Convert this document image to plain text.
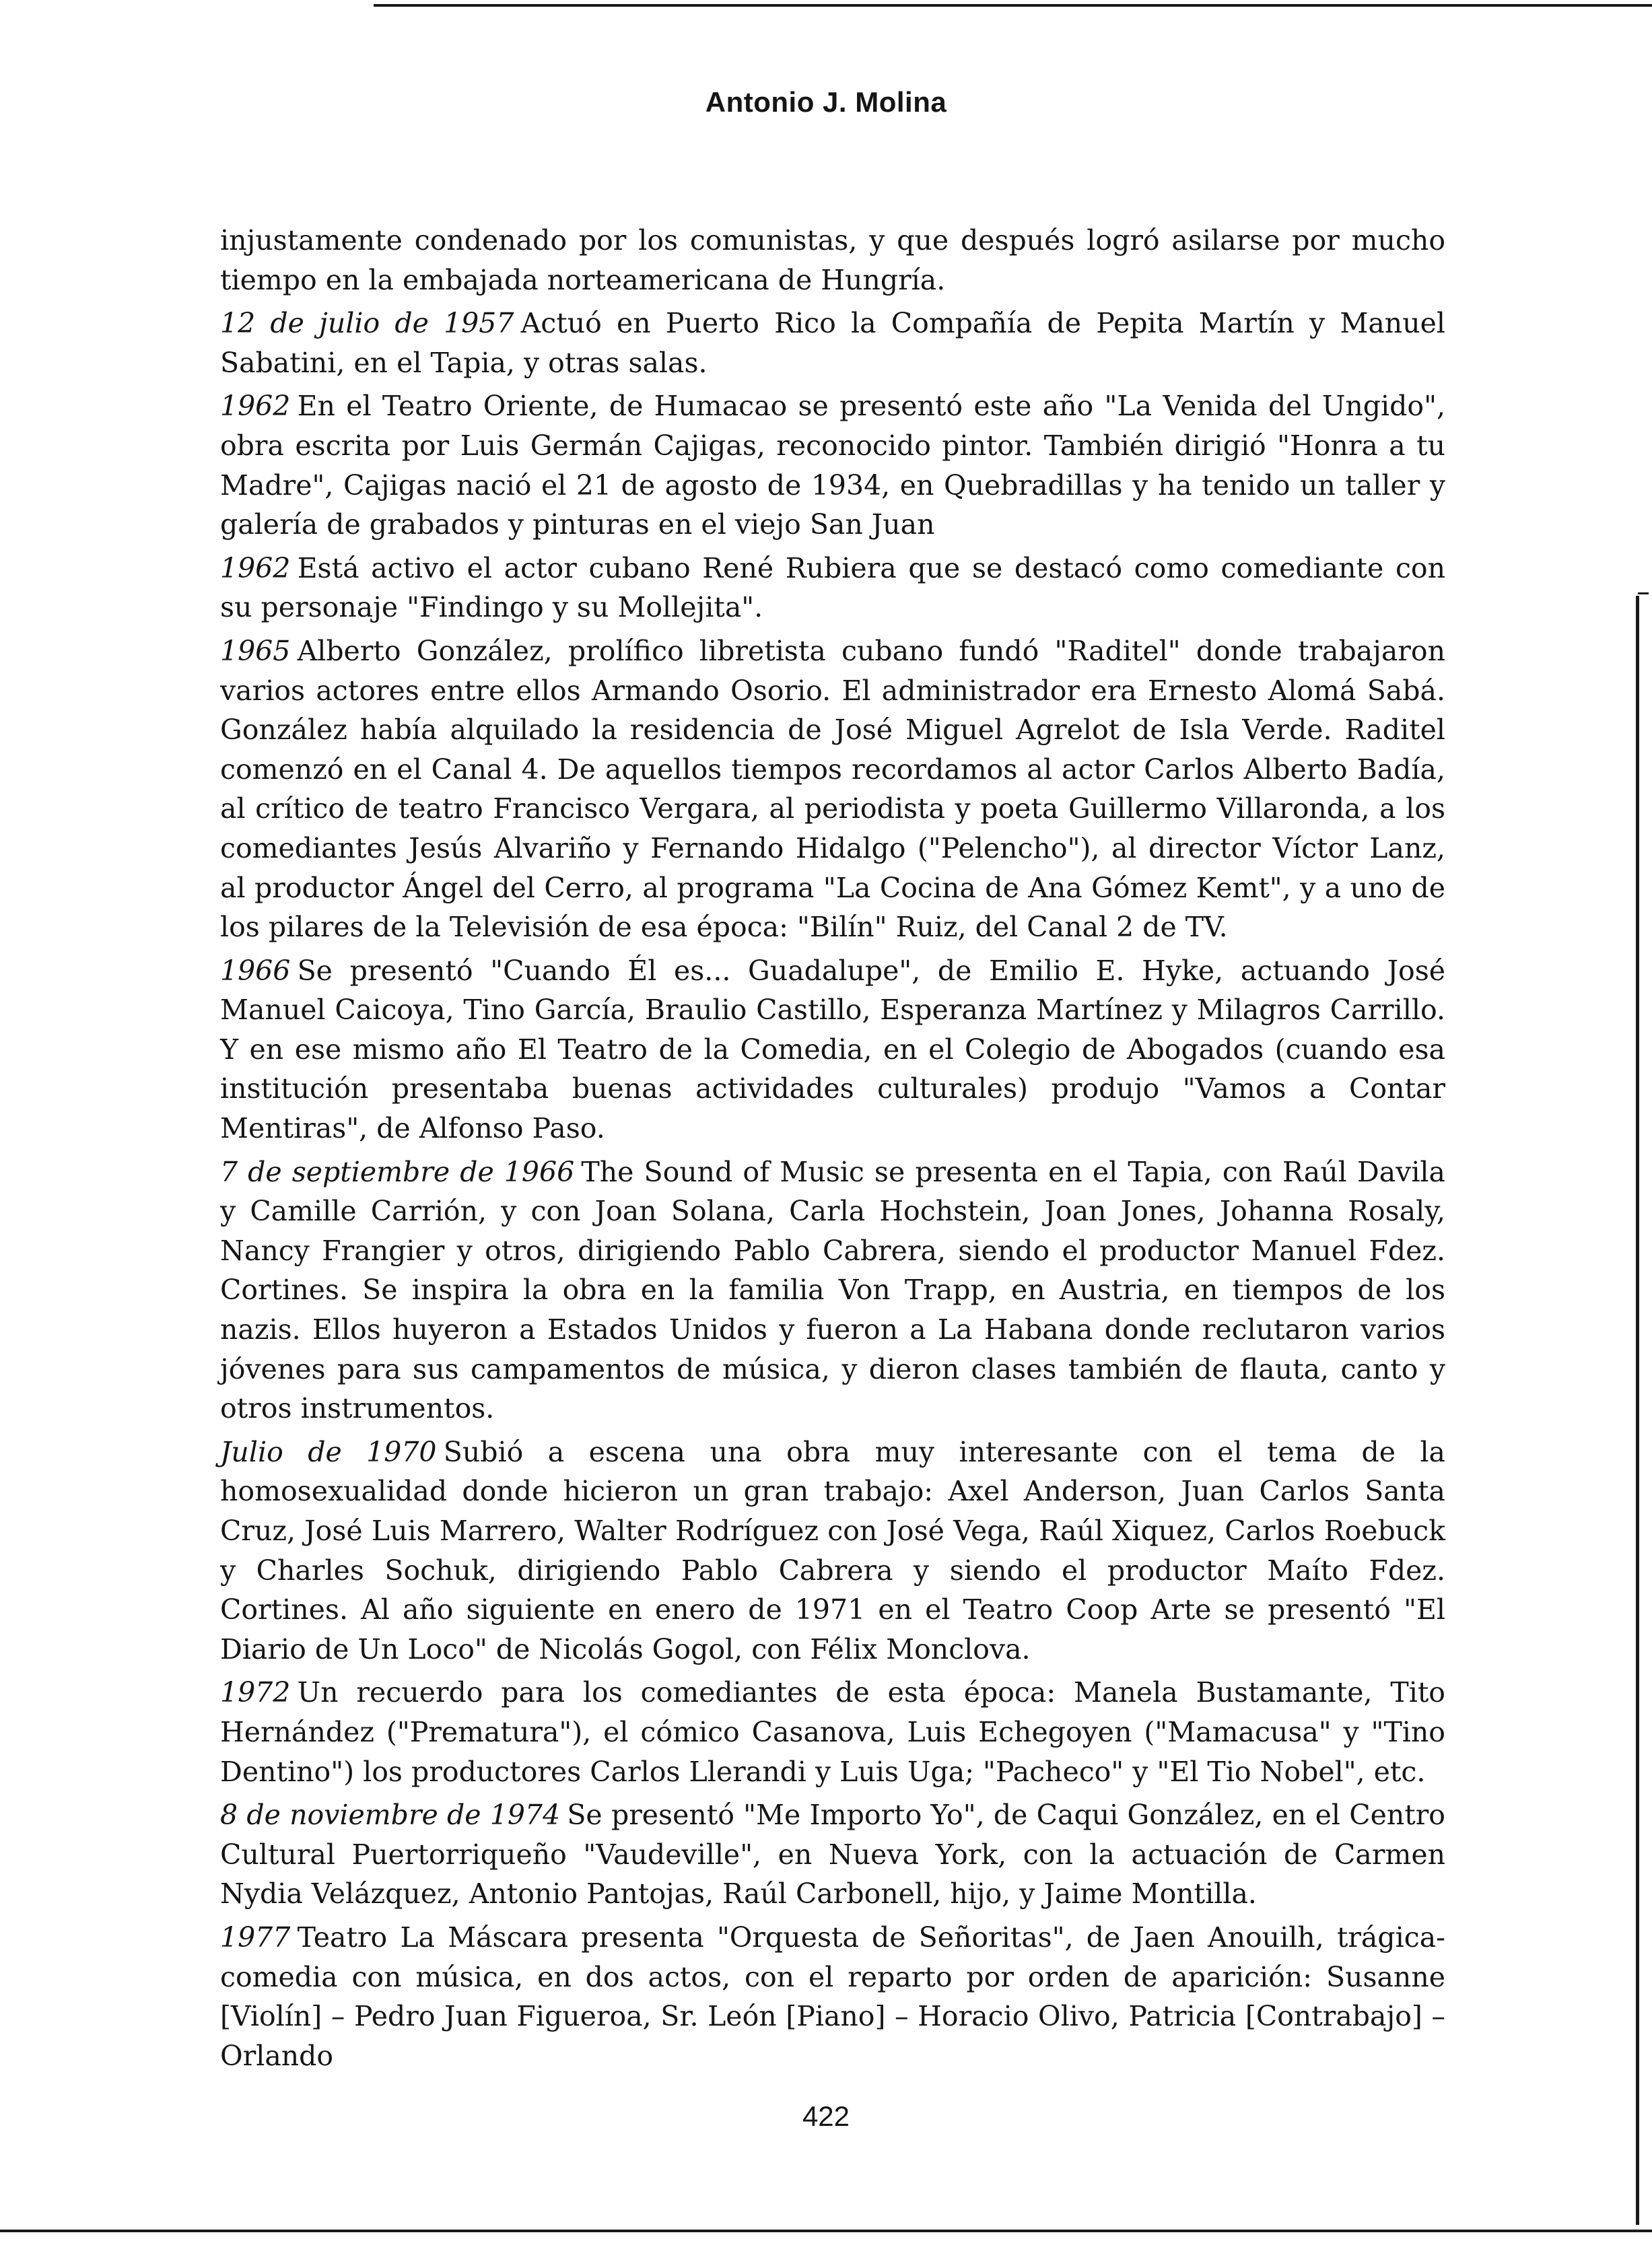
Antonio J. Molina

injustamente condenado por los comunistas, y que después logró asilarse por mucho tiempo en la embajada norteamericana de Hungría.

12 de julio de 1957 Actuó en Puerto Rico la Compañía de Pepita Martín y Manuel Sabatini, en el Tapia, y otras salas.

1962 En el Teatro Oriente, de Humacao se presentó este año "La Venida del Ungido", obra escrita por Luis Germán Cajigas, reconocido pintor. También dirigió "Honra a tu Madre", Cajigas nació el 21 de agosto de 1934, en Quebradillas y ha tenido un taller y galería de grabados y pinturas en el viejo San Juan

1962 Está activo el actor cubano René Rubiera que se destacó como comediante con su personaje "Findingo y su Mollejita".

1965 Alberto González, prolífico libretista cubano fundó "Raditel" donde trabajaron varios actores entre ellos Armando Osorio. El administrador era Ernesto Alomá Sabá. González había alquilado la residencia de José Miguel Agrelot de Isla Verde. Raditel comenzó en el Canal 4. De aquellos tiempos recordamos al actor Carlos Alberto Badía, al crítico de teatro Francisco Vergara, al periodista y poeta Guillermo Villaronda, a los comediantes Jesús Alvariño y Fernando Hidalgo ("Pelencho"), al director Víctor Lanz, al productor Ángel del Cerro, al programa "La Cocina de Ana Gómez Kemt", y a uno de los pilares de la Televisión de esa época: "Bilín" Ruiz, del Canal 2 de TV.

1966 Se presentó "Cuando Él es... Guadalupe", de Emilio E. Hyke, actuando José Manuel Caicoya, Tino García, Braulio Castillo, Esperanza Martínez y Milagros Carrillo. Y en ese mismo año El Teatro de la Comedia, en el Colegio de Abogados (cuando esa institución presentaba buenas actividades culturales) produjo "Vamos a Contar Mentiras", de Alfonso Paso.

7 de septiembre de 1966 The Sound of Music se presenta en el Tapia, con Raúl Davila y Camille Carrión, y con Joan Solana, Carla Hochstein, Joan Jones, Johanna Rosaly, Nancy Frangier y otros, dirigiendo Pablo Cabrera, siendo el productor Manuel Fdez. Cortines. Se inspira la obra en la familia Von Trapp, en Austria, en tiempos de los nazis. Ellos huyeron a Estados Unidos y fueron a La Habana donde reclutaron varios jóvenes para sus campamentos de música, y dieron clases también de flauta, canto y otros instrumentos.

Julio de 1970 Subió a escena una obra muy interesante con el tema de la homosexualidad donde hicieron un gran trabajo: Axel Anderson, Juan Carlos Santa Cruz, José Luis Marrero, Walter Rodríguez con José Vega, Raúl Xiquez, Carlos Roebuck y Charles Sochuk, dirigiendo Pablo Cabrera y siendo el productor Maíto Fdez. Cortines. Al año siguiente en enero de 1971 en el Teatro Coop Arte se presentó "El Diario de Un Loco" de Nicolás Gogol, con Félix Monclova.

1972 Un recuerdo para los comediantes de esta época: Manela Bustamante, Tito Hernández ("Prematura"), el cómico Casanova, Luis Echegoyen ("Mamacusa" y "Tino Dentino") los productores Carlos Llerandi y Luis Uga; "Pacheco" y "El Tio Nobel", etc.

8 de noviembre de 1974 Se presentó "Me Importo Yo", de Caqui González, en el Centro Cultural Puertorriqueño "Vaudeville", en Nueva York, con la actuación de Carmen Nydia Velázquez, Antonio Pantojas, Raúl Carbonell, hijo, y Jaime Montilla.

1977 Teatro La Máscara presenta "Orquesta de Señoritas", de Jaen Anouilh, trágica-comedia con música, en dos actos, con el reparto por orden de aparición: Susanne [Violín] – Pedro Juan Figueroa, Sr. León [Piano] – Horacio Olivo, Patricia [Contrabajo] – Orlando

422
